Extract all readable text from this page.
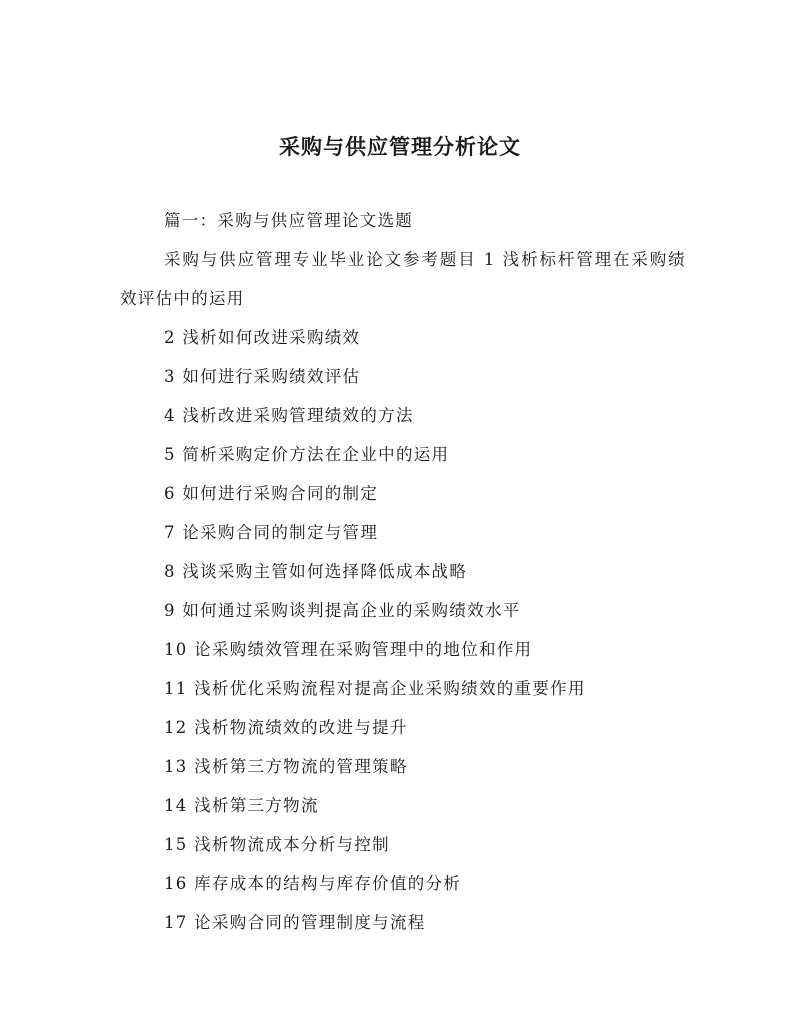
采购与供应管理分析论文

篇一：采购与供应管理论文选题

采购与供应管理专业毕业论文参考题目 1 浅析标杆管理在采购绩效评估中的运用

2 浅析如何改进采购绩效
3 如何进行采购绩效评估
4 浅析改进采购管理绩效的方法
5 简析采购定价方法在企业中的运用
6 如何进行采购合同的制定
7 论采购合同的制定与管理
8 浅谈采购主管如何选择降低成本战略
9 如何通过采购谈判提高企业的采购绩效水平
10 论采购绩效管理在采购管理中的地位和作用
11 浅析优化采购流程对提高企业采购绩效的重要作用
12 浅析物流绩效的改进与提升
13 浅析第三方物流的管理策略
14 浅析第三方物流
15 浅析物流成本分析与控制
16 库存成本的结构与库存价值的分析
17 论采购合同的管理制度与流程
